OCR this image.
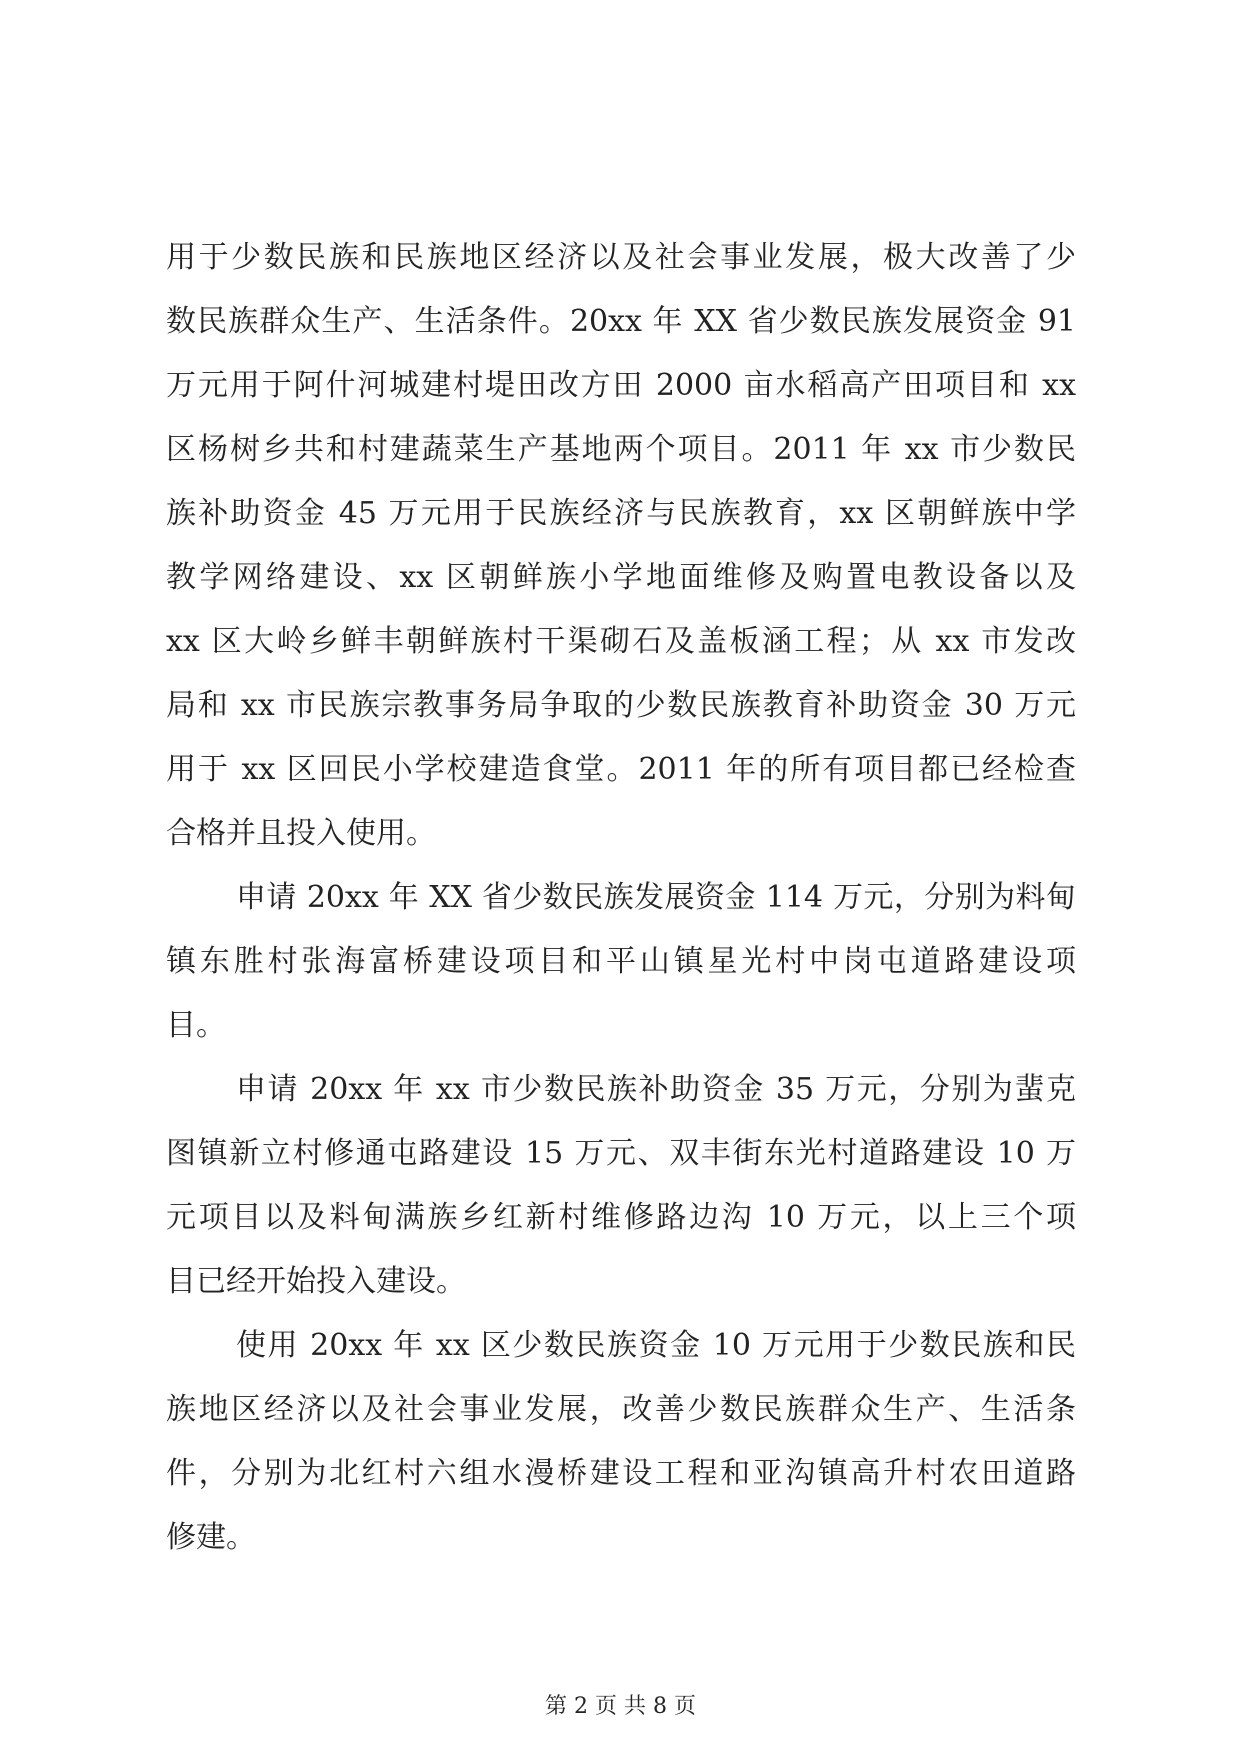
用于少数民族和民族地区经济以及社会事业发展，极大改善了少
数民族群众生产、生活条件。20xx 年 XX 省少数民族发展资金 91
万元用于阿什河城建村堤田改方田 2000 亩水稻高产田项目和 xx
区杨树乡共和村建蔬菜生产基地两个项目。2011 年 xx 市少数民
族补助资金 45 万元用于民族经济与民族教育，xx 区朝鲜族中学
教学网络建设、xx 区朝鲜族小学地面维修及购置电教设备以及
xx 区大岭乡鲜丰朝鲜族村干渠砌石及盖板涵工程；从 xx 市发改
局和 xx 市民族宗教事务局争取的少数民族教育补助资金 30 万元
用于 xx 区回民小学校建造食堂。2011 年的所有项目都已经检查
合格并且投入使用。
申请 20xx 年 XX 省少数民族发展资金 114 万元，分别为料甸
镇东胜村张海富桥建设项目和平山镇星光村中岗屯道路建设项
目。
申请 20xx 年 xx 市少数民族补助资金 35 万元，分别为蜚克
图镇新立村修通屯路建设 15 万元、双丰街东光村道路建设 10 万
元项目以及料甸满族乡红新村维修路边沟 10 万元，以上三个项
目已经开始投入建设。
使用 20xx 年 xx 区少数民族资金 10 万元用于少数民族和民
族地区经济以及社会事业发展，改善少数民族群众生产、生活条
件，分别为北红村六组水漫桥建设工程和亚沟镇高升村农田道路
修建。
第 2 页 共 8 页
